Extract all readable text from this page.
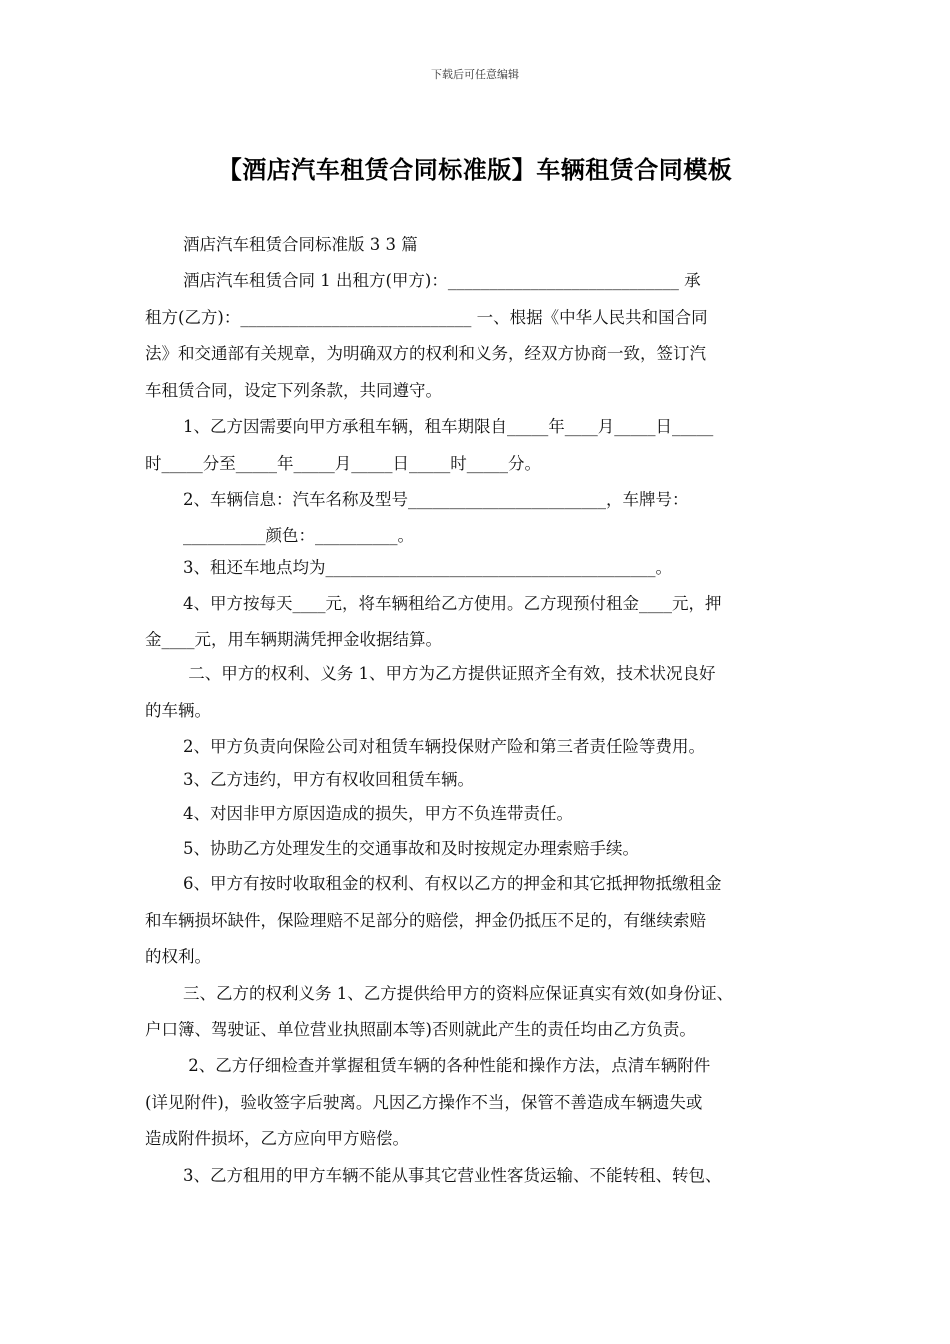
下载后可任意编辑
【酒店汽车租赁合同标准版】车辆租赁合同模板
酒店汽车租赁合同标准版 3 3 篇
酒店汽车租赁合同 1 出租方(甲方)：____________________________ 承
租方(乙方)：____________________________ 一、根据《中华人民共和国合同
法》和交通部有关规章，为明确双方的权利和义务，经双方协商一致，签订汽
车租赁合同，设定下列条款，共同遵守。
1、乙方因需要向甲方承租车辆，租车期限自_____年____月_____日_____
时_____分至_____年_____月_____日_____时_____分。
2、车辆信息：汽车名称及型号________________________，车牌号：
__________颜色：__________。
3、租还车地点均为________________________________________。
4、甲方按每天____元，将车辆租给乙方使用。乙方现预付租金____元，押
金____元，用车辆期满凭押金收据结算。
二、甲方的权利、义务 1、甲方为乙方提供证照齐全有效，技术状况良好
的车辆。
2、甲方负责向保险公司对租赁车辆投保财产险和第三者责任险等费用。
3、乙方违约，甲方有权收回租赁车辆。
4、对因非甲方原因造成的损失，甲方不负连带责任。
5、协助乙方处理发生的交通事故和及时按规定办理索赔手续。
6、甲方有按时收取租金的权利、有权以乙方的押金和其它抵押物抵缴租金
和车辆损坏缺件，保险理赔不足部分的赔偿，押金仍抵压不足的，有继续索赔
的权利。
三、乙方的权利义务 1、乙方提供给甲方的资料应保证真实有效(如身份证、
户口簿、驾驶证、单位营业执照副本等)否则就此产生的责任均由乙方负责。
2、乙方仔细检查并掌握租赁车辆的各种性能和操作方法，点清车辆附件
(详见附件)，验收签字后驶离。凡因乙方操作不当，保管不善造成车辆遗失或
造成附件损坏，乙方应向甲方赔偿。
3、乙方租用的甲方车辆不能从事其它营业性客货运输、不能转租、转包、
